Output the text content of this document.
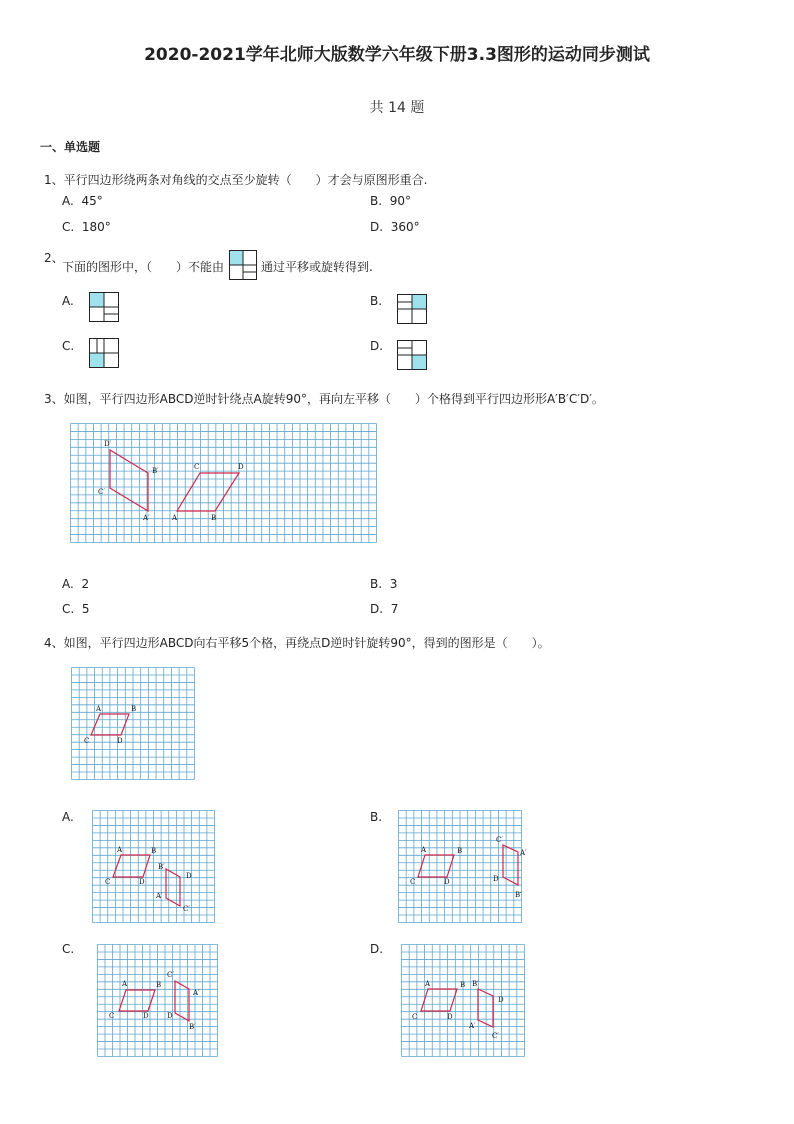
2020-2021学年北师大版数学六年级下册3.3图形的运动同步测试
共 14 题
一、单选题
1、平行四边形绕两条对角线的交点至少旋转（　　）才会与原图形重合.
A. 45°	B. 90°
C. 180°	D. 360°
2、
下面的图形中，（　　）不能由	通过平移或旋转得到.
A.	B.
C.	D.
3、如图，平行四边形ABCD逆时针绕点A旋转90°，再向左平移（　　）个格得到平行四边形形A′B′C′D′。
A	B
C	D
A′
B′
C′
D′
A. 2	B. 3
C. 5	D. 7
4、如图，平行四边形ABCD向右平移5个格，再绕点D逆时针旋转90°，得到的图形是（　　）。
A	B
C	D
A.
A	B
C	D
B′
D
A′
C′
B.
A	B
C	D
C′
A′
D
B′
C.
A	B
C	D
C′
A′
D
B′
D.
A	B
C	D
B′
D
A′
C′
